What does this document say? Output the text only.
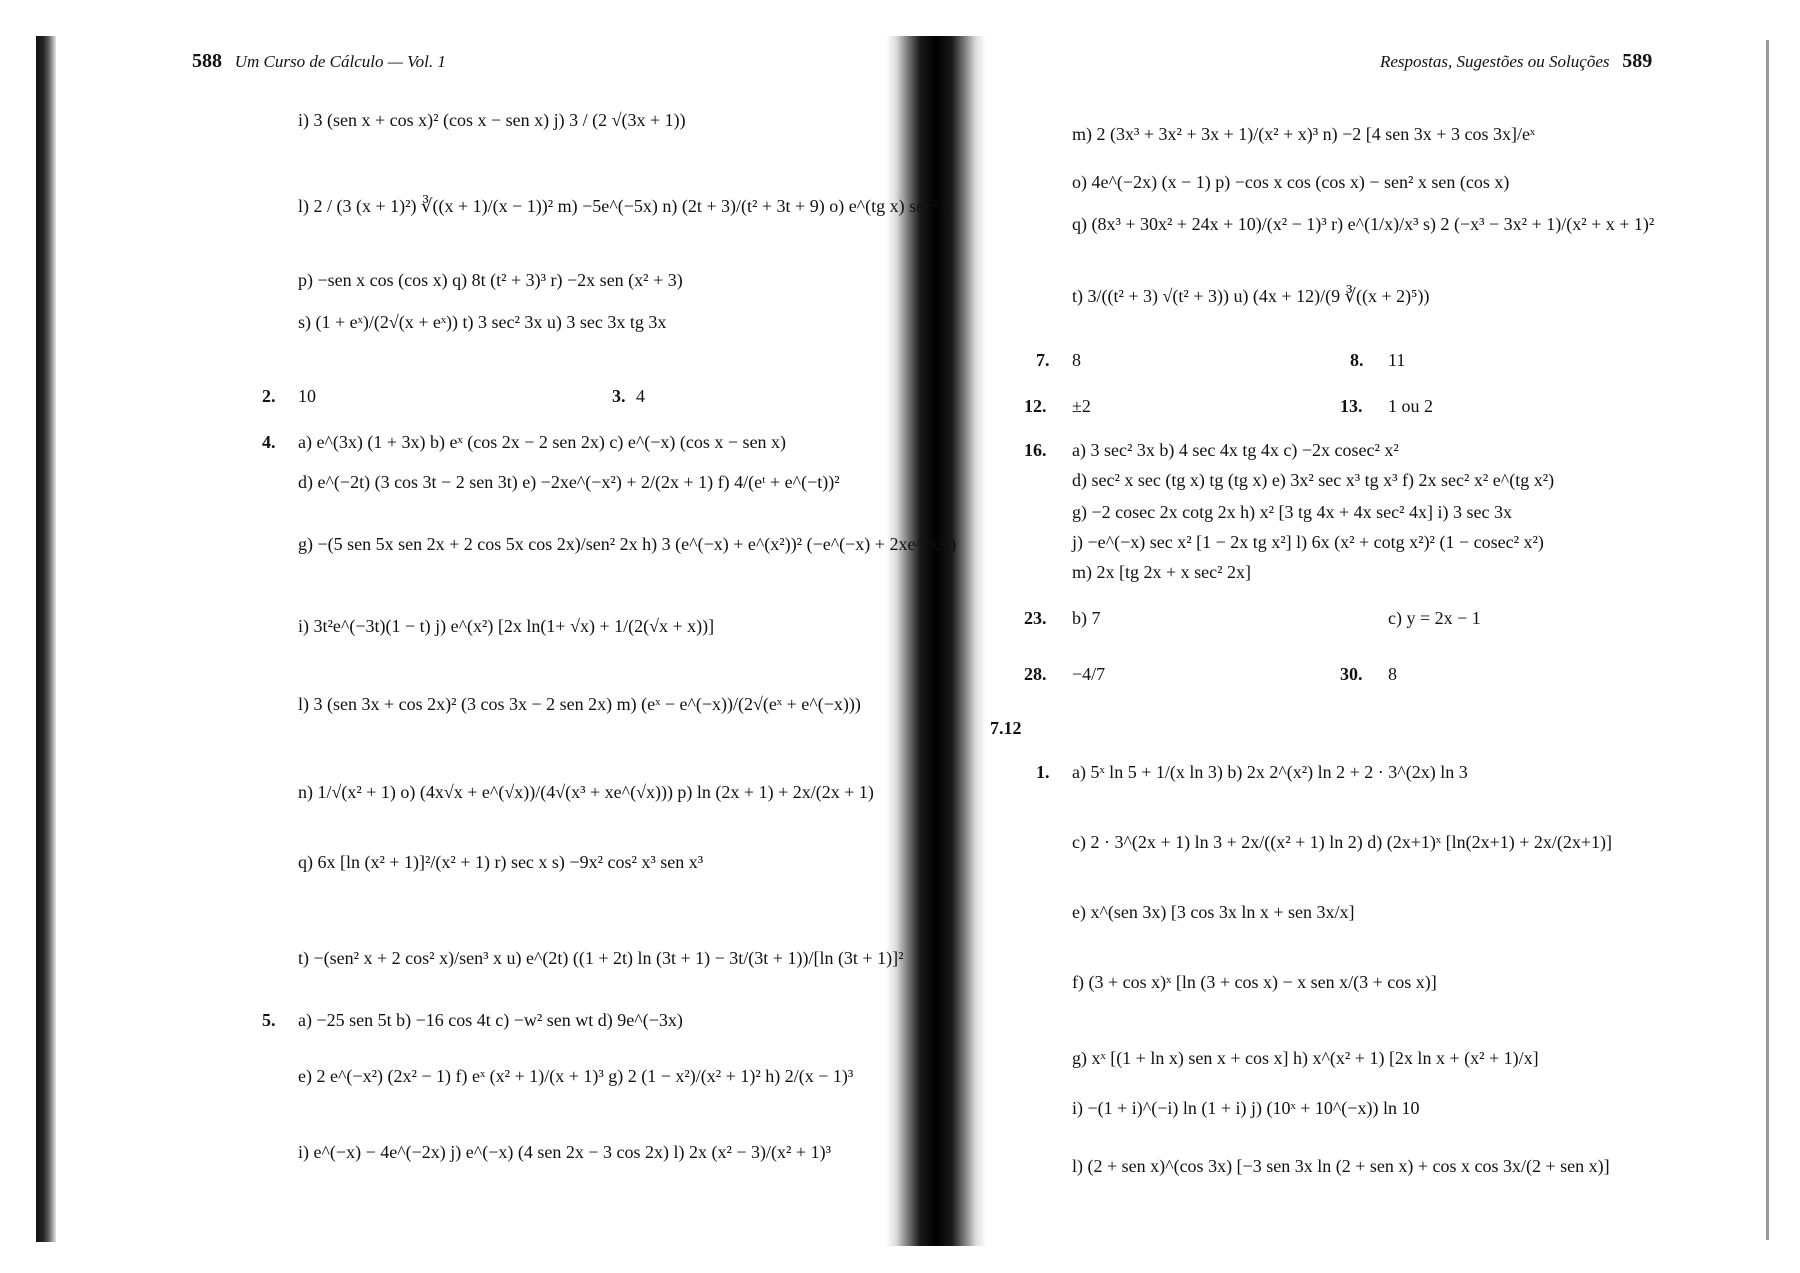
588 Um Curso de Cálculo — Vol. 1
i) 3 (sen x + cos x)² (cos x − sen x) j) 3 / (2 √(3x + 1))
l) 2 / (3 (x + 1)²) ∛((x + 1)/(x − 1))² m) −5e^(−5x) n) (2t + 3)/(t² + 3t + 9) o) e^(tg x) sec² x
p) −sen x cos (cos x) q) 8t (t² + 3)³ r) −2x sen (x² + 3)
s) (1 + eˣ)/(2√(x + eˣ)) t) 3 sec² 3x u) 3 sec 3x tg 3x
2. 10	3. 4
4. a) e^(3x) (1 + 3x) b) eˣ (cos 2x − 2 sen 2x) c) e^(−x) (cos x − sen x)
d) e^(−2t) (3 cos 3t − 2 sen 3t) e) −2xe^(−x²) + 2/(2x + 1) f) 4/(eᵗ + e^(−t))²
g) −(5 sen 5x sen 2x + 2 cos 5x cos 2x)/sen² 2x h) 3 (e^(−x) + e^(x²))² (−e^(−x) + 2xe^(x²))
i) 3t²e^(−3t)(1 − t) j) e^(x²) [2x ln(1+ √x) + 1/(2(√x + x))]
l) 3 (sen 3x + cos 2x)² (3 cos 3x − 2 sen 2x) m) (eˣ − e^(−x))/(2√(eˣ + e^(−x)))
n) 1/√(x² + 1) o) (4x√x + e^(√x))/(4√(x³ + xe^(√x))) p) ln (2x + 1) + 2x/(2x + 1)
q) 6x [ln (x² + 1)]²/(x² + 1) r) sec x s) −9x² cos² x³ sen x³
t) −(sen² x + 2 cos² x)/sen³ x u) e^(2t) ((1 + 2t) ln (3t + 1) − 3t/(3t + 1))/[ln (3t + 1)]²
5. a) −25 sen 5t b) −16 cos 4t c) −w² sen wt d) 9e^(−3x)
e) 2 e^(−x²) (2x² − 1) f) eˣ (x² + 1)/(x + 1)³ g) 2 (1 − x²)/(x² + 1)² h) 2/(x − 1)³
i) e^(−x) − 4e^(−2x) j) e^(−x) (4 sen 2x − 3 cos 2x) l) 2x (x² − 3)/(x² + 1)³
Respostas, Sugestões ou Soluções 589
m) 2 (3x³ + 3x² + 3x + 1)/(x² + x)³ n) −2 [4 sen 3x + 3 cos 3x]/eˣ
o) 4e^(−2x) (x − 1) p) −cos x cos (cos x) − sen² x sen (cos x)
q) (8x³ + 30x² + 24x + 10)/(x² − 1)³ r) e^(1/x)/x³ s) 2 (−x³ − 3x² + 1)/(x² + x + 1)²
t) 3/((t² + 3) √(t² + 3)) u) (4x + 12)/(9 ∛((x + 2)⁵))
7. 8	8. 11
12. ±2	13. 1 ou 2
16. a) 3 sec² 3x b) 4 sec 4x tg 4x c) −2x cosec² x²
d) sec² x sec (tg x) tg (tg x) e) 3x² sec x³ tg x³ f) 2x sec² x² e^(tg x²)
g) −2 cosec 2x cotg 2x h) x² [3 tg 4x + 4x sec² 4x] i) 3 sec 3x
j) −e^(−x) sec x² [1 − 2x tg x²] l) 6x (x² + cotg x²)² (1 − cosec² x²)
m) 2x [tg 2x + x sec² 2x]
23. b) 7	c) y = 2x − 1
28. −4/7	30. 8
7.12
1. a) 5ˣ ln 5 + 1/(x ln 3) b) 2x 2^(x²) ln 2 + 2 · 3^(2x) ln 3
c) 2 · 3^(2x + 1) ln 3 + 2x/((x² + 1) ln 2) d) (2x+1)ˣ [ln(2x+1) + 2x/(2x+1)]
e) x^(sen 3x) [3 cos 3x ln x + sen 3x/x]
f) (3 + cos x)ˣ [ln (3 + cos x) − x sen x/(3 + cos x)]
g) xˣ [(1 + ln x) sen x + cos x] h) x^(x² + 1) [2x ln x + (x² + 1)/x]
i) −(1 + i)^(−i) ln (1 + i) j) (10ˣ + 10^(−x)) ln 10
l) (2 + sen x)^(cos 3x) [−3 sen 3x ln (2 + sen x) + cos x cos 3x/(2 + sen x)]
